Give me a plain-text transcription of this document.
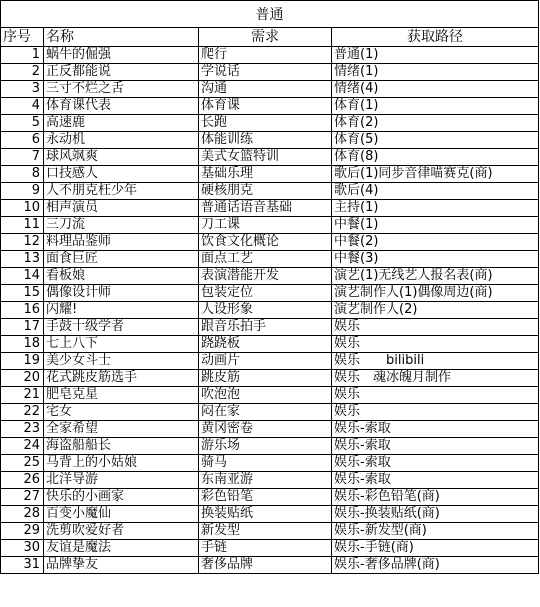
普通
序号	名称	需求	获取路径
1	蜗牛的倔强	爬行	普通(1)
2	正反都能说	学说话	情绪(1)
3	三寸不烂之舌	沟通	情绪(4)
4	体育课代表	体育课	体育(1)
5	高速鹿	长跑	体育(2)
6	永动机	体能训练	体育(5)
7	球风飒爽	美式女篮特训	体育(8)
8	口技感人	基础乐理	歌后(1)同步音律喵赛克(商)
9	人不朋克枉少年	硬核朋克	歌后(4)
10	相声演员	普通话语音基础	主持(1)
11	三刀流	刀工课	中餐(1)
12	料理品鉴师	饮食文化概论	中餐(2)
13	面食巨匠	面点工艺	中餐(3)
14	看板娘	表演潜能开发	演艺(1)无线艺人报名表(商)
15	偶像设计师	包装定位	演艺制作人(1)偶像周边(商)
16	闪耀!	人设形象	演艺制作人(2)
17	手鼓十级学者	跟音乐拍手	娱乐
18	七上八下	跷跷板	娱乐
19	美少女斗士	动画片	娱乐　　bilibili
20	花式跳皮筋选手	跳皮筋	娱乐　魂冰魄月制作
21	肥皂克星	吹泡泡	娱乐
22	宅女	闷在家	娱乐
23	全家希望	黄冈密卷	娱乐-索取
24	海盗船船长	游乐场	娱乐-索取
25	马背上的小姑娘	骑马	娱乐-索取
26	北洋导游	东南亚游	娱乐-索取
27	快乐的小画家	彩色铅笔	娱乐-彩色铅笔(商)
28	百变小魔仙	换装贴纸	娱乐-换装贴纸(商)
29	洗剪吹爱好者	新发型	娱乐-新发型(商)
30	友谊是魔法	手链	娱乐-手链(商)
31	品牌挚友	奢侈品牌	娱乐-奢侈品牌(商)
